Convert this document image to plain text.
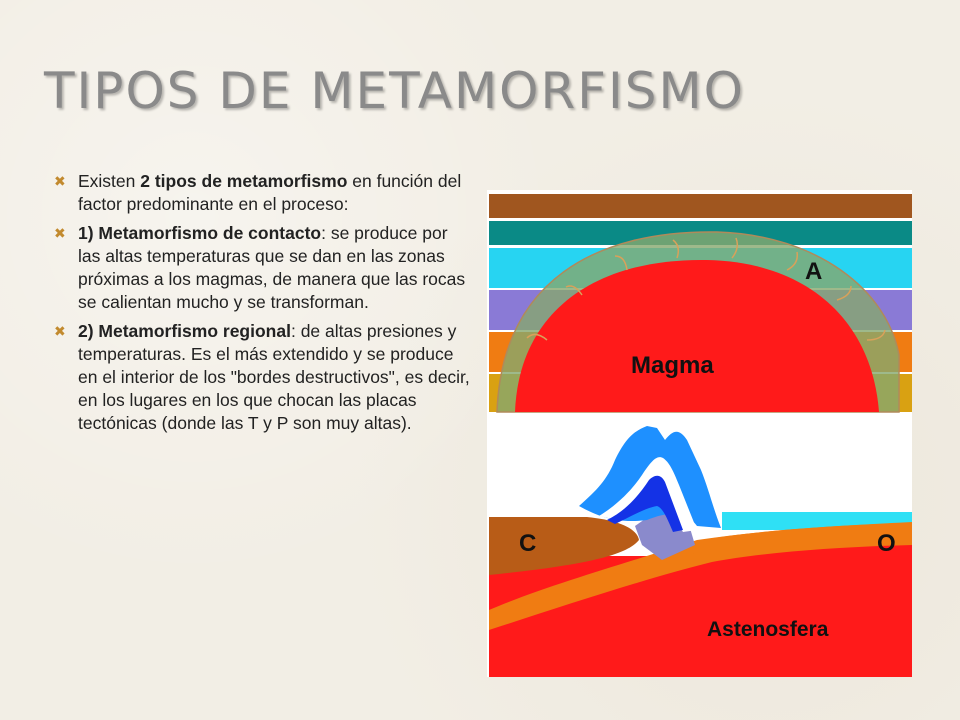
TIPOS DE METAMORFISMO
✖ Existen 2 tipos de metamorfismo en función del factor predominante en el proceso:
✖ 1) Metamorfismo de contacto: se produce por las altas temperaturas que se dan en las zonas próximas a los magmas, de manera que las rocas se calientan mucho y se transforman.
✖ 2) Metamorfismo regional: de altas presiones y temperaturas. Es el más extendido y se produce en el interior de los "bordes destructivos", es decir, en los lugares en los que chocan las placas tectónicas (donde las T y P son muy altas).
A
Magma
C	O
Astenosfera
